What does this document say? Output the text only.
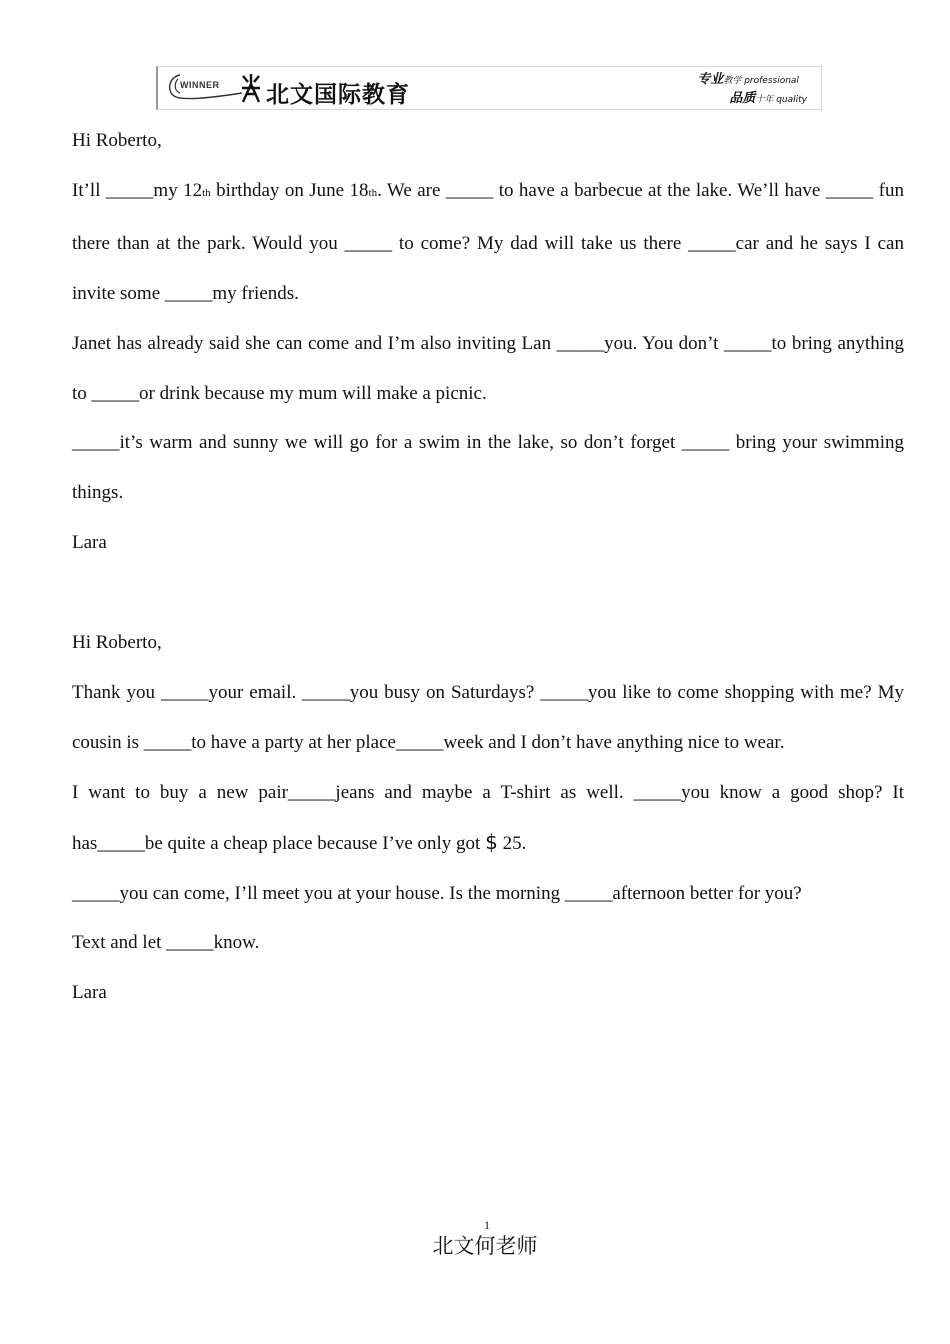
WINNER 北文国际教育
专业教学 professional
品质十年 quality

Hi Roberto,

It’ll _____my 12th birthday on June 18th. We are _____ to have a barbecue at the lake. We’ll have _____ fun there than at the park. Would you _____ to come? My dad will take us there _____car and he says I can invite some _____my friends.

Janet has already said she can come and I’m also inviting Lan _____you. You don’t _____to bring anything to _____or drink because my mum will make a picnic.

_____it’s warm and sunny we will go for a swim in the lake, so don’t forget _____ bring your swimming things.

Lara

Hi Roberto,

Thank you _____your email. _____you busy on Saturdays? _____you like to come shopping with me? My cousin is _____to have a party at her place_____week and I don’t have anything nice to wear.

I want to buy a new pair_____jeans and maybe a T-shirt as well. _____you know a good shop? It has_____be quite a cheap place because I’ve only got $ 25.

_____you can come, I’ll meet you at your house. Is the morning _____afternoon better for you?

Text and let _____know.

Lara

1
北文何老师
